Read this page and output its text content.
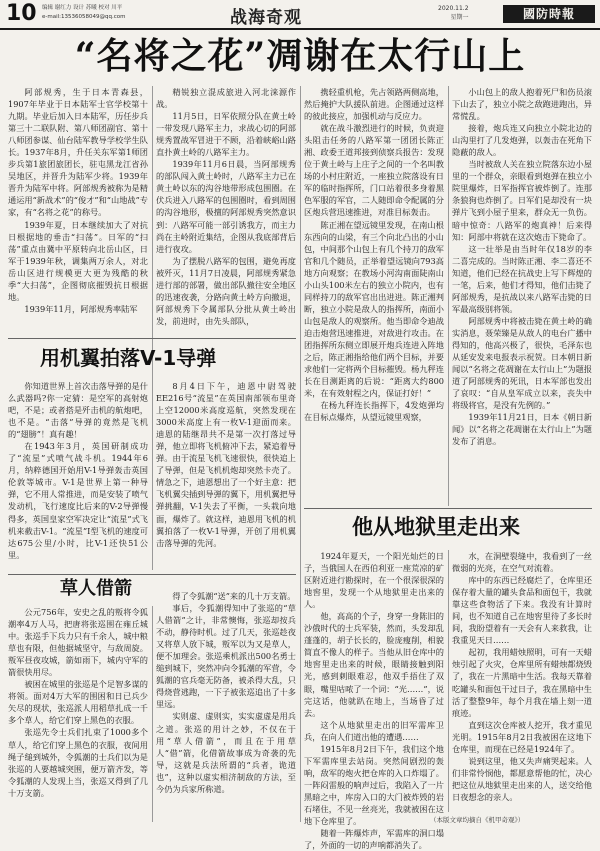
10 编辑 谢红力 设计 苏曦 校对 川平
e-mail:13536058049@qq.com	战海奇观	2020.11.2
星期一	國防時報
“名将之花”凋谢在太行山上

阿部规秀，生于日本青森县，1907年毕业于日本陆军士官学校第十九期。毕业后加入日本陆军，历任步兵第三十二联队附、第八师团副官、第十八师团参谋、仙台陆军教导学校学生队长。1937年8月，升任关东军第1师团步兵第1旅团旅团长，驻屯黑龙江省孙吴地区，并晋升为陆军少将。1939年晋升为陆军中将。阿部规秀被称为是精通运用“新战术”的“俊才”和“山地战”专家，有“名将之花”的称号。

1939年夏，日本继续加大了对抗日根据地的垂击“扫荡”。日军的“扫荡”重点由冀中平原转向北岳山区，日军于1939年秋，调集两万余人，对北岳山区进行规模更大更为残酷的秋季“大扫荡”，企图彻底摧毁抗日根据地。

1939年11月，阿部规秀率陆军

精锐独立混成旅进入河北涞源作战。

11月5日，日军依照分队在黄土岭一带发现八路军主力，求战心切的阿部规秀置战军冒进于不顾，沿着峡峪山路直扑黄土岭的八路军主力。

1939年11月6日晨，当阿部规秀的部队闯入黄土岭时，八路军主力已在黄土岭以东的沟谷地带形成包围圈。在伏兵进入八路军的包围圈时，看到周围的沟谷地形，极擅的阿部规秀突然意识到：八路军可能一部引诱我方，而主力尚在主岭附近集结，企图从我底部背后进行夜攻。

为了摆脱八路军的包围，避免再度被歼灭，11月7日凌晨，阿部规秀紧急进行部的部署，做出部队撤往安全地区的迅速夜袭，分路向黄土岭方向撤退，阿部规秀下令属部队分批从黄土岭出发，前进时，由先头部队，

携轻重机枪，先占领路两侧高地，然后掩护大队援队前进。企图通过这样的彼此接应，加强机动与反应力。

就在战斗激烈进行的时候，负责迎头阻击任务的八路军第一团团长陈正湘、政委王道邦接到侦察兵报告：发现位于黄土岭与上庄子之间的一个名叫教场的小村庄附近，一座独立院落设有日军的临时指挥所，门口站着很多身着黑色军服的军官，二人随即命令配属的分区炮兵营迅速推进，对准目标轰击。

陈正湘在望远镜里发现，在南山根东西向的山梁，有三个向北凸出的小山包，中间那个山包上有几个持刀的敌军官和几个随员，正举着望远镜向793高地方向观察；在教场小河沟南面陡南山小山头100米左右的独立小院内，也有同样持刀的敌军官出出进进。陈正湘判断，独立小院是敌人的指挥所，南面小山包是敌人的观察所。他当即命令迪战迫击炮营迅速推进，对敌进行攻击。在团指挥所东侧立即展开炮兵连进入阵地之后，陈正湘指给他们两个目标，并要求他们一定将两个目标摧毁。杨九秤连长在目测距离的后说：“距离大约800米，在有效射程之内，保证打好！”

在杨九秤连长指挥下，4发炮弹均在目标点爆炸，从望远镜里观察，

小山包上的敌人抱着死尸和伤员滚下山去了，独立小院之敌跑进跑出，异常慌乱。

接着，炮兵连又向独立小院北边的山沟里打了几发炮弹，以轰击在死角下隐蔽的敌人。

当时被敌人关在独立院落东边小屋里的一个群众，亲眼看到炮弹在独立小院里爆炸，日军指挥官被炸倒了。连那条狼狗也炸倒了。日军们是却没有一块弹片飞到小屋子里来，群众无一负伤。暗中惊奇：八路军的炮真神！后来得知：阿部中将就在这次炮击下毙命了。

这一壮举是由当时年仅18岁的李二喜完成的。当时陈正湘、李二喜还不知道，他们已经在抗战史上写下辉煌的一笔，后来，他们才得知，他们击毙了阿部规秀，是抗战以来八路军击毙的日军最高级别将领。

阿部规秀中将被击毙在黄土岭的确实消息，聂荣臻是从敌人的电台广播中得知的，他高兴极了，很快，毛泽东也从延安发来电报表示祝贺。日本朝日新闻以“名将之花凋谢在太行山上”为题报道了阿部规秀的死讯，日本军部也发出了哀叹：“自从皇军成立以来，丧失中将级将官，是没有先例的。”

1939年11月21日，日本《朝日新闻》以“名将之花凋谢在太行山上”为题发布了消息。

用机翼拍落V-1导弹

你知道世界上首次击落导弹的是什么武器吗?你一定猜：是空军的高射炮吧，不是；或者搭是歼击机的航炮吧，也不是。“击落”导弹的竟然是飞机的“翅膀”！真有趣！

在1943年3月，英国研制成功了“流星”式喷气战斗机。1944年6月，纳粹德国开始用V-1导弹轰击英国伦敦等城市。V-1是世界上第一种导弹，它不用人常推进，而是安装了喷气发动机，飞行速度比后来的V-2导弹慢得多，英国皇家空军决定让“流星”式飞机来截击V-1。“流星”I型飞机的速度可达675公里/小时，比V-1还快51公里。

8月4日下午，迪恩中尉驾驶EE216号“流星”在英国南部领布里奇上空12000米高度巡航，突然发现在3000米高度上有一枚V-1迎面而来。迪恩的陆继昂共不是第一次打落过导弹，他立即将飞机俯冲下去，紧追着导弹。由于流星飞机飞速很快，很快追上了导弹，但是飞机机炮却突然卡壳了。情急之下，迪恩想出了一个好主意：把飞机翼尖插到导弹的翼下，用机翼把导弹挑翻，V-1失去了平衡，一头栽向地面，爆炸了。就这样，迪恩用飞机的机翼拍落了一枚V-1导弹，开创了用机翼击落导弹的先河。

草人借箭

公元756年，安史之乱的叛将令狐潮率4万人马，把唐将张巡围在雍丘城中。张巡手下兵力只有千余人，城中粮草也有限，但他据城坚守，与敌周旋。叛军昼夜攻城，箭如雨下，城内守军的箭很快用尽。

被困在城里的张巡是个足智多谋的将领。面对4万大军的围困和日已兵少矢尽的现状，张巡派人用稻草扎成一千多个草人，给它们穿上黑色的衣服。

张巡先令士兵们扎束了1000多个草人，给它们穿上黑色的衣服，夜间用绳子缒到城外，令狐潮的士兵们以为是张巡的人要越城突围，便万箭齐发，等令狐潮的人发现上当，张巡又得到了几十万支箭。

得了令狐潮“送”来的几十万支箭。

事后，令狐潮得知中了张巡的“草人借箭”之计，非常懊悔，张巡却按兵不动，静待时机。过了几天，张巡趁夜又将草人放下城，叛军以为又是草人，便不加理会。张巡乘机派出500名勇士缒到城下，突然冲向令狐潮的军营，令狐潮的官兵毫无防备，被杀得大乱，只得烧营逃跑，一下子被张巡追出了十多里远。

实则虚、虚则实，实实虚虚是用兵之道。张巡的用计之妙，不仅在于用“草人借箭”，而且在于用草人“借”箭，化借箭故事成为奇袭的先导，这就是兵法所谓的“兵者，诡道也”，这种以虚实相济制敌的方法，至今仍为兵家所称道。

他从地狱里走出来

1924年夏天，一个阳光灿烂的日子，当俄国人在西伯利亚一座荒凉的矿区附近进行勘探时，在一个很深很深的地窖里，发现一个从地狱里走出来的人。

他，高高的个子，身穿一身陈旧的沙俄时代的士兵军装，然而，头发却乱蓬蓬的，胡子长长的，脸庞瘦削，相貌简直不像人的样子。当他从旧仓库中的地窖里走出来的时候，眼睛接触到阳光，感到刺眼难忍，他双手捂住了双眼，嘴里咕哝了一个词：“光……”，说完这话，他就趴在地上，当场昏了过去。

这个从地狱里走出的旧军需库卫兵，在向人们道出他的遭遇……

1915年8月2日下午，我们这个地下军需库里去站岗。突然间剧烈的轰响，敌军的炮火把仓库的入口炸塌了。一阵闷雷般的响声过后，我陷入了一片黑暗之中，库房入口的大门被炸毁的岩石堵住，不见一丝亮光，我就被困在这地下仓库里了。

随着一阵爆炸声，军需库的洞口塌了，外面的一切的声响都消失了。

水，在洞壁裂缝中，我看到了一丝微弱的光亮，在空气对流着。

库中的东西已经腐烂了，仓库里还保存着大量的罐头食品和面包干，我就靠这些食物活了下来。我没有计算时间，也不知道自己在地窖里待了多长时间，我盼望着有一天会有人来救我，让我重见天日……

起初，我用蜡烛照明，可有一天蜡烛引起了火灾，仓库里所有蜡烛都烧毁了，我在一片黑暗中生活。我每天靠着吃罐头和面包干过日子，我在黑暗中生活了整整9年，每个月我在墙上刻一道痕迹。

直到这次仓库被人挖开，我才重见光明。1915年8月2日我被困在这地下仓库里，而现在已经是1924年了。

说到这里，他又失声痛哭起来。人们非常怜悯他，都愿意帮他的忙，决心把这位从地狱里走出来的人，送交给他日夜想念的亲人。

（本版文章均摘自《机甲奇观》）
